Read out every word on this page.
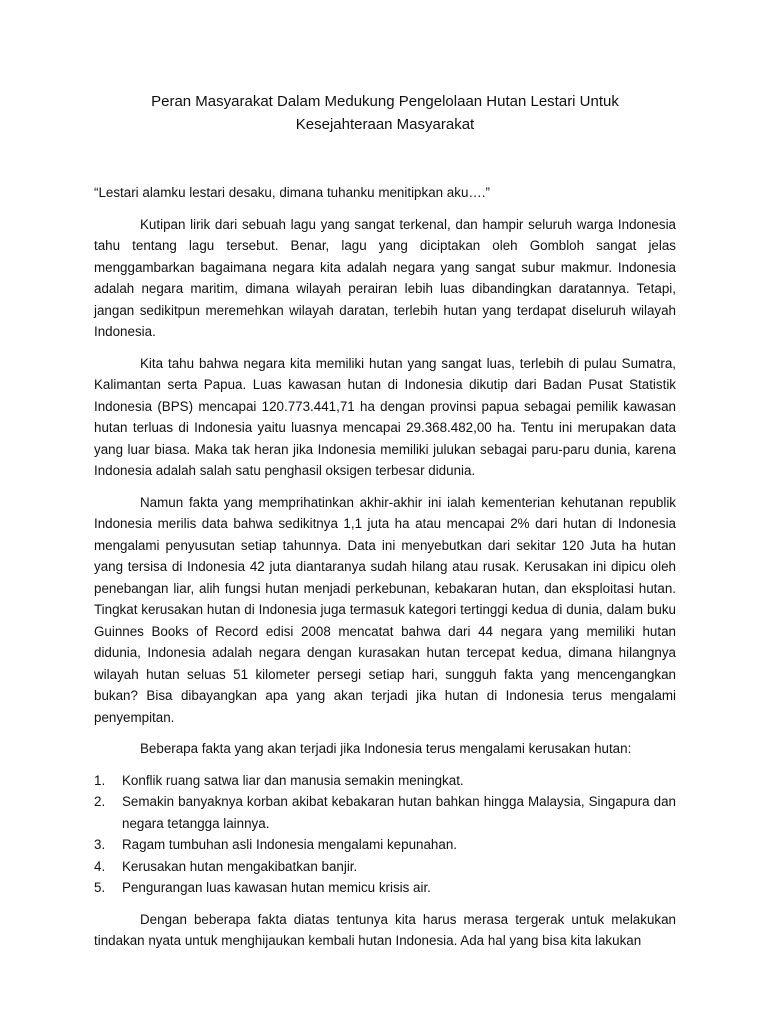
Peran Masyarakat Dalam Medukung Pengelolaan Hutan Lestari Untuk
Kesejahteraan Masyarakat

“Lestari alamku lestari desaku, dimana tuhanku menitipkan aku….”

Kutipan lirik dari sebuah lagu yang sangat terkenal, dan hampir seluruh warga Indonesia tahu tentang lagu tersebut. Benar, lagu yang diciptakan oleh Gombloh sangat jelas menggambarkan bagaimana negara kita adalah negara yang sangat subur makmur. Indonesia adalah negara maritim, dimana wilayah perairan lebih luas dibandingkan daratannya. Tetapi, jangan sedikitpun meremehkan wilayah daratan, terlebih hutan yang terdapat diseluruh wilayah Indonesia.

Kita tahu bahwa negara kita memiliki hutan yang sangat luas, terlebih di pulau Sumatra, Kalimantan serta Papua. Luas kawasan hutan di Indonesia dikutip dari Badan Pusat Statistik Indonesia (BPS) mencapai 120.773.441,71 ha dengan provinsi papua sebagai pemilik kawasan hutan terluas di Indonesia yaitu luasnya mencapai 29.368.482,00 ha. Tentu ini merupakan data yang luar biasa. Maka tak heran jika Indonesia memiliki julukan sebagai paru-paru dunia, karena Indonesia adalah salah satu penghasil oksigen terbesar didunia.

Namun fakta yang memprihatinkan akhir-akhir ini ialah kementerian kehutanan republik Indonesia merilis data bahwa sedikitnya 1,1 juta ha atau mencapai 2% dari hutan di Indonesia mengalami penyusutan setiap tahunnya. Data ini menyebutkan dari sekitar 120 Juta ha hutan yang tersisa di Indonesia 42 juta diantaranya sudah hilang atau rusak. Kerusakan ini dipicu oleh penebangan liar, alih fungsi hutan menjadi perkebunan, kebakaran hutan, dan eksploitasi hutan. Tingkat kerusakan hutan di Indonesia juga termasuk kategori tertinggi kedua di dunia, dalam buku Guinnes Books of Record edisi 2008 mencatat bahwa dari 44 negara yang memiliki hutan didunia, Indonesia adalah negara dengan kurasakan hutan tercepat kedua, dimana hilangnya wilayah hutan seluas 51 kilometer persegi setiap hari, sungguh fakta yang mencengangkan bukan? Bisa dibayangkan apa yang akan terjadi jika hutan di Indonesia terus mengalami penyempitan.

Beberapa fakta yang akan terjadi jika Indonesia terus mengalami kerusakan hutan:

1. Konflik ruang satwa liar dan manusia semakin meningkat.
2. Semakin banyaknya korban akibat kebakaran hutan bahkan hingga Malaysia, Singapura dan negara tetangga lainnya.
3. Ragam tumbuhan asli Indonesia mengalami kepunahan.
4. Kerusakan hutan mengakibatkan banjir.
5. Pengurangan luas kawasan hutan memicu krisis air.

Dengan beberapa fakta diatas tentunya kita harus merasa tergerak untuk melakukan tindakan nyata untuk menghijaukan kembali hutan Indonesia. Ada hal yang bisa kita lakukan
